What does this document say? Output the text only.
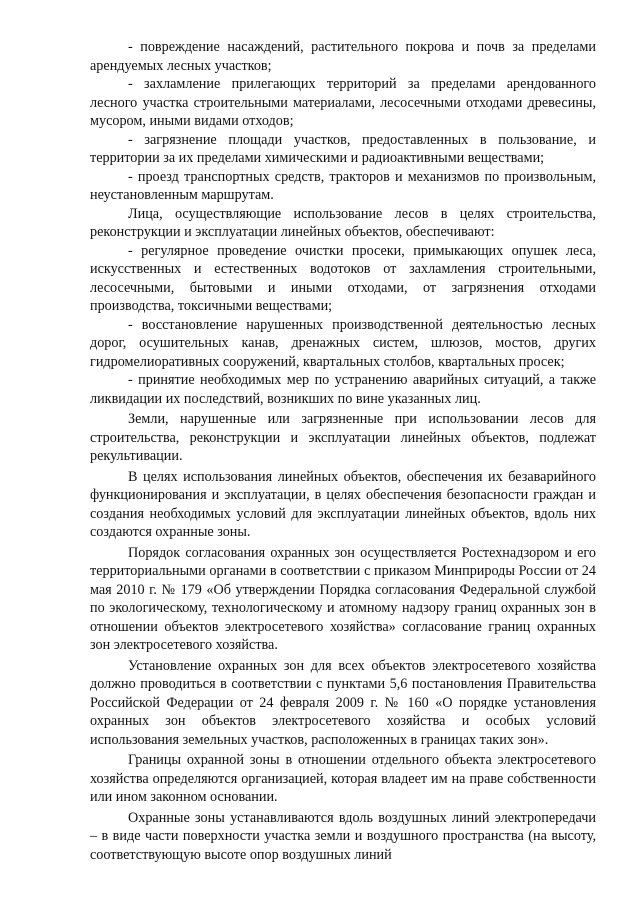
- повреждение насаждений, растительного покрова и почв за пределами арендуемых лесных участков;

- захламление прилегающих территорий за пределами арендованного лесного участка строительными материалами, лесосечными отходами древесины, мусором, иными видами отходов;

- загрязнение площади участков, предоставленных в пользование, и территории за их пределами химическими и радиоактивными веществами;

- проезд транспортных средств, тракторов и механизмов по произвольным, неустановленным маршрутам.

Лица, осуществляющие использование лесов в целях строительства, реконструкции и эксплуатации линейных объектов, обеспечивают:

- регулярное проведение очистки просеки, примыкающих опушек леса, искусственных и естественных водотоков от захламления строительными, лесосечными, бытовыми и иными отходами, от загрязнения отходами производства, токсичными веществами;

- восстановление нарушенных производственной деятельностью лесных дорог, осушительных канав, дренажных систем, шлюзов, мостов, других гидромелиоративных сооружений, квартальных столбов, квартальных просек;

- принятие необходимых мер по устранению аварийных ситуаций, а также ликвидации их последствий, возникших по вине указанных лиц.

Земли, нарушенные или загрязненные при использовании лесов для строительства, реконструкции и эксплуатации линейных объектов, подлежат рекультивации.

В целях использования линейных объектов, обеспечения их безаварийного функционирования и эксплуатации, в целях обеспечения безопасности граждан и создания необходимых условий для эксплуатации линейных объектов, вдоль них создаются охранные зоны.

Порядок согласования охранных зон осуществляется Ростехнадзором и его территориальными органами в соответствии с приказом Минприроды России от 24 мая 2010 г. № 179 «Об утверждении Порядка согласования Федеральной службой по экологическому, технологическому и атомному надзору границ охранных зон в отношении объектов электросетевого хозяйства» согласование границ охранных зон электросетевого хозяйства.

Установление охранных зон для всех объектов электросетевого хозяйства должно проводиться в соответствии с пунктами 5,6 постановления Правительства Российской Федерации от 24 февраля 2009 г. № 160 «О порядке установления охранных зон объектов электросетевого хозяйства и особых условий использования земельных участков, расположенных в границах таких зон».

Границы охранной зоны в отношении отдельного объекта электросетевого хозяйства определяются организацией, которая владеет им на праве собственности или ином законном основании.

Охранные зоны устанавливаются вдоль воздушных линий электропередачи – в виде части поверхности участка земли и воздушного пространства (на высоту, соответствующую высоте опор воздушных линий
